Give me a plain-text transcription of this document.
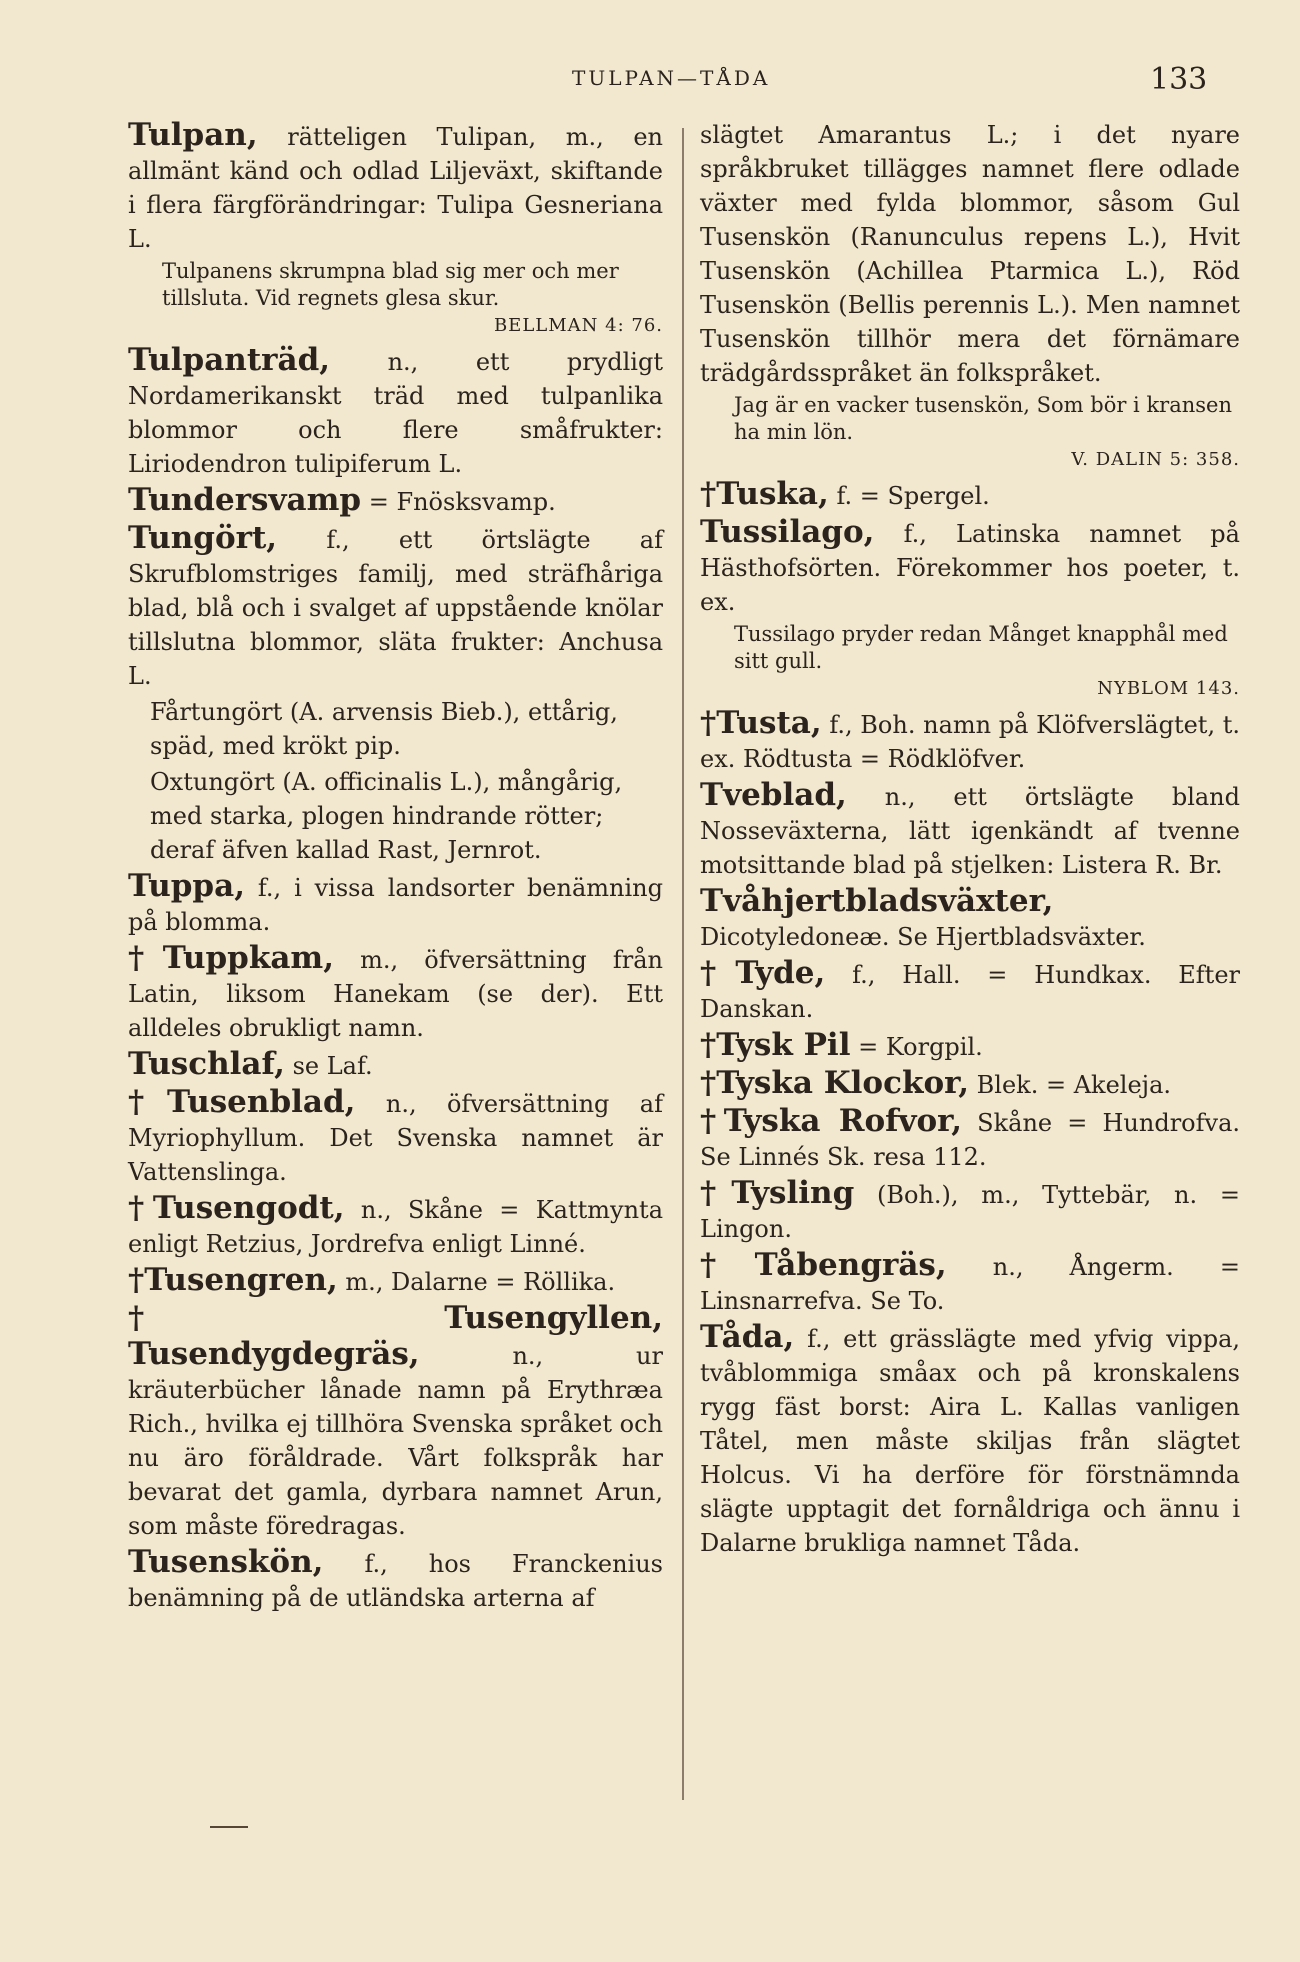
TULPAN—TÅDA	133
Tulpan, rätteligen Tulipan, m., en allmänt känd och odlad Liljeväxt, skiftande i flera färgförändringar: Tulipa Gesneriana L.
Tulpanens skrumpna blad sig mer och mer tillsluta. Vid regnets glesa skur.
BELLMAN 4: 76.
Tulpanträd, n., ett prydligt Nordamerikanskt träd med tulpanlika blommor och flere småfrukter: Liriodendron tulipiferum L.
Tundersvamp = Fnösksvamp.
Tungört, f., ett örtslägte af Skrufblomstriges familj, med sträfhåriga blad, blå och i svalget af uppstående knölar tillslutna blommor, släta frukter: Anchusa L.
Fårtungört (A. arvensis Bieb.), ettårig, späd, med krökt pip.
Oxtungört (A. officinalis L.), mångårig, med starka, plogen hindrande rötter; deraf äfven kallad Rast, Jernrot.
Tuppa, f., i vissa landsorter benämning på blomma.
†Tuppkam, m., öfversättning från Latin, liksom Hanekam (se der). Ett alldeles obrukligt namn.
Tuschlaf, se Laf.
†Tusenblad, n., öfversättning af Myriophyllum. Det Svenska namnet är Vattenslinga.
†Tusengodt, n., Skåne = Kattmynta enligt Retzius, Jordrefva enligt Linné.
†Tusengren, m., Dalarne = Röllika.
†Tusengyllen, Tusendygdegräs,	n., ur kräuterbücher lånade namn på Erythræa Rich., hvilka ej tillhöra Svenska språket och nu äro föråldrade. Vårt folkspråk har bevarat det gamla, dyrbara namnet Arun, som måste föredragas.
Tusenskön, f., hos Franckenius benämning på de utländska arterna af
slägtet Amarantus L.; i det nyare språkbruket tillägges namnet flere odlade växter med fylda blommor, såsom Gul Tusenskön (Ranunculus repens L.), Hvit Tusenskön (Achillea Ptarmica L.), Röd Tusenskön (Bellis perennis L.). Men namnet Tusenskön tillhör mera det förnämare trädgårdsspråket än folkspråket.
Jag är en vacker tusenskön, Som bör i kransen ha min lön.
V. DALIN 5: 358.
†Tuska, f. = Spergel.
Tussilago, f., Latinska namnet på Hästhofsörten. Förekommer hos poeter, t. ex.
Tussilago pryder redan Månget knapphål med sitt gull.
NYBLOM 143.
†Tusta, f., Boh. namn på Klöfverslägtet, t. ex. Rödtusta = Rödklöfver.
Tveblad, n., ett örtslägte bland Nosseväxterna, lätt igenkändt af tvenne motsittande blad på stjelken: Listera R. Br.
Tvåhjertbladsväxter, Dicotyledoneæ. Se Hjertbladsväxter.
†Tyde, f., Hall. = Hundkax. Efter Danskan.
†Tysk Pil = Korgpil.
†Tyska Klockor, Blek. = Akeleja.
†Tyska Rofvor, Skåne = Hundrofva. Se Linnés Sk. resa 112.
†Tysling (Boh.), m., Tyttebär, n. = Lingon.
†Tåbengräs, n., Ångerm. = Linsnarrefva. Se To.
Tåda, f., ett grässlägte med yfvig vippa, tvåblommiga småax och på kronskalens rygg fäst borst: Aira L. Kallas vanligen Tåtel, men måste skiljas från slägtet Holcus. Vi ha derföre för förstnämnda slägte upptagit det fornåldriga och ännu i Dalarne brukliga namnet Tåda.
